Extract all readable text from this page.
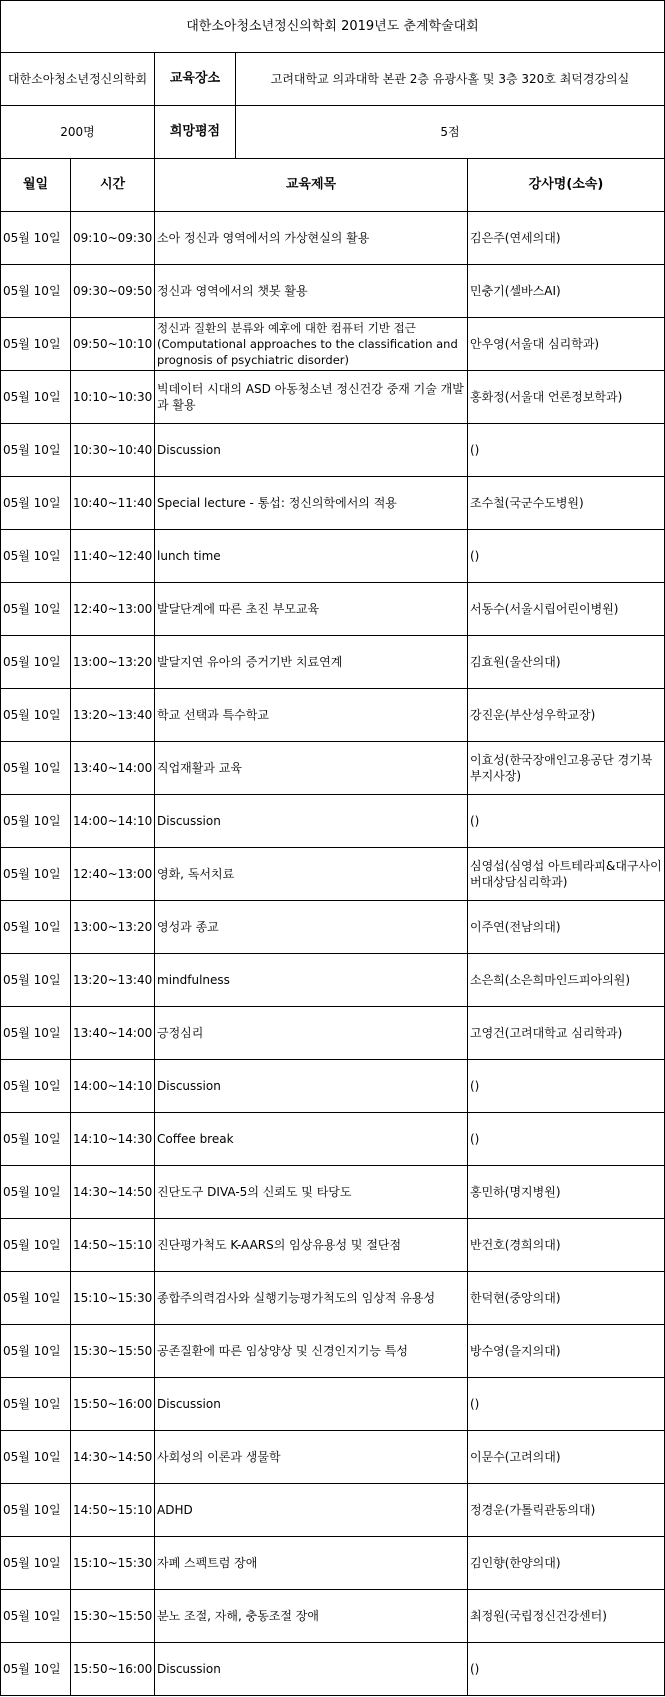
대한소아청소년정신의학회 2019년도 춘계학술대회		
대한소아청소년정신의학회	교육장소	고려대학교 의과대학 본관 2층 유광사홀 및 3층 320호 최덕경강의실
200명	희망평점	5점
월일	시간	교육제목	강사명(소속)
05월 10일	09:10~09:30	소아 정신과 영역에서의 가상현실의 활용	김은주(연세의대)
05월 10일	09:30~09:50	정신과 영역에서의 챗봇 활용	민충기(셀바스AI)
05월 10일	09:50~10:10	정신과 질환의 분류와 예후에 대한 컴퓨터 기반 접근 (Computational approaches to the classification and prognosis of psychiatric disorder)	안우영(서울대 심리학과)
05월 10일	10:10~10:30	빅데이터 시대의 ASD 아동청소년 정신건강 중재 기술 개발과 활용	홍화정(서울대 언론정보학과)
05월 10일	10:30~10:40	Discussion	()
05월 10일	10:40~11:40	Special lecture - 통섭: 정신의학에서의 적용	조수철(국군수도병원)
05월 10일	11:40~12:40	lunch time	()
05월 10일	12:40~13:00	발달단계에 따른 초진 부모교육	서동수(서울시립어린이병원)
05월 10일	13:00~13:20	발달지연 유아의 증거기반 치료연계	김효원(울산의대)
05월 10일	13:20~13:40	학교 선택과 특수학교	강진운(부산성우학교장)
05월 10일	13:40~14:00	직업재활과 교육	이효성(한국장애인고용공단 경기북부지사장)
05월 10일	14:00~14:10	Discussion	()
05월 10일	12:40~13:00	영화, 독서치료	심영섭(심영섭 아트테라피&대구사이버대상담심리학과)
05월 10일	13:00~13:20	영성과 종교	이주연(전남의대)
05월 10일	13:20~13:40	mindfulness	소은희(소은희마인드피아의원)
05월 10일	13:40~14:00	긍정심리	고영건(고려대학교 심리학과)
05월 10일	14:00~14:10	Discussion	()
05월 10일	14:10~14:30	Coffee break	()
05월 10일	14:30~14:50	진단도구 DIVA-5의 신뢰도 및 타당도	홍민하(명지병원)
05월 10일	14:50~15:10	진단평가척도 K-AARS의 임상유용성 및 절단점	반건호(경희의대)
05월 10일	15:10~15:30	종합주의력검사와 실행기능평가척도의 임상적 유용성	한덕현(중앙의대)
05월 10일	15:30~15:50	공존질환에 따른 임상양상 및 신경인지기능 특성	방수영(을지의대)
05월 10일	15:50~16:00	Discussion	()
05월 10일	14:30~14:50	사회성의 이론과 생물학	이문수(고려의대)
05월 10일	14:50~15:10	ADHD	정경운(가톨릭관동의대)
05월 10일	15:10~15:30	자폐 스펙트럼 장애	김인향(한양의대)
05월 10일	15:30~15:50	분노 조절, 자해, 충동조절 장애	최정원(국립정신건강센터)
05월 10일	15:50~16:00	Discussion	()
